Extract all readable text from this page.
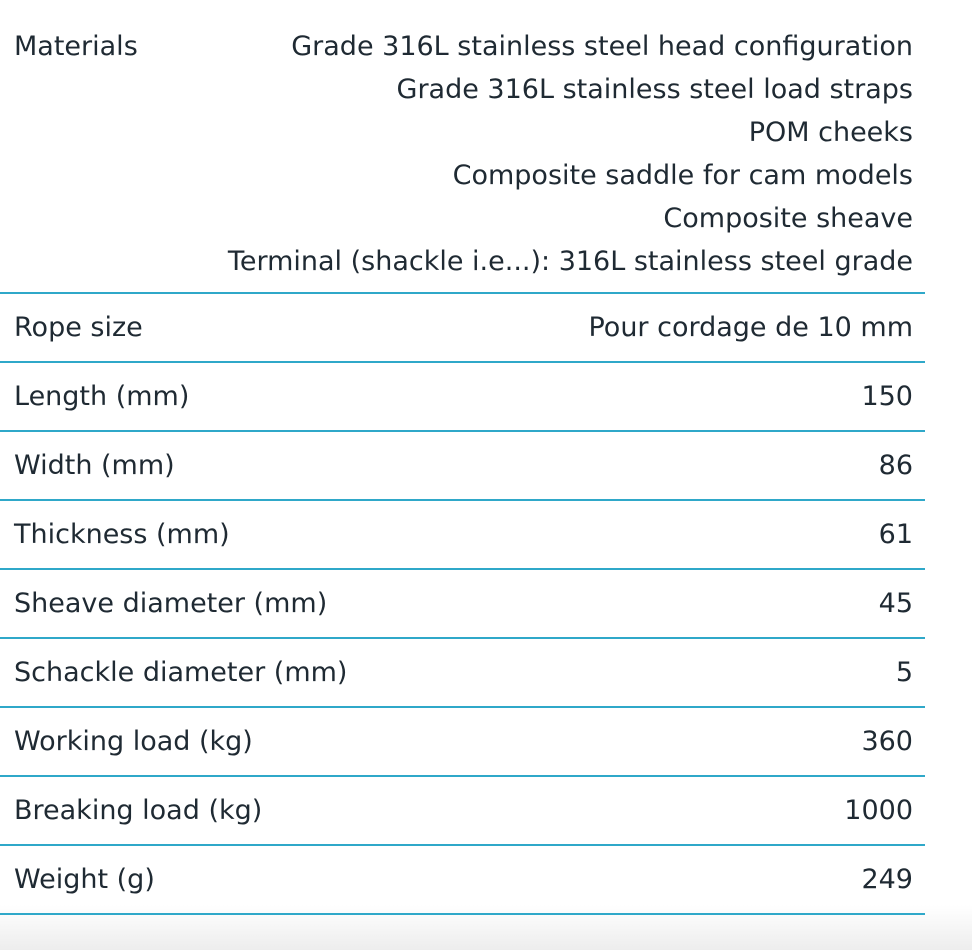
Materials	Grade 316L stainless steel head configuration
Grade 316L stainless steel load straps
POM cheeks
Composite saddle for cam models
Composite sheave
Terminal (shackle i.e...): 316L stainless steel grade
Rope size	Pour cordage de 10 mm
Length (mm)	150
Width (mm)	86
Thickness (mm)	61
Sheave diameter (mm)	45
Schackle diameter (mm)	5
Working load (kg)	360
Breaking load (kg)	1000
Weight (g)	249
